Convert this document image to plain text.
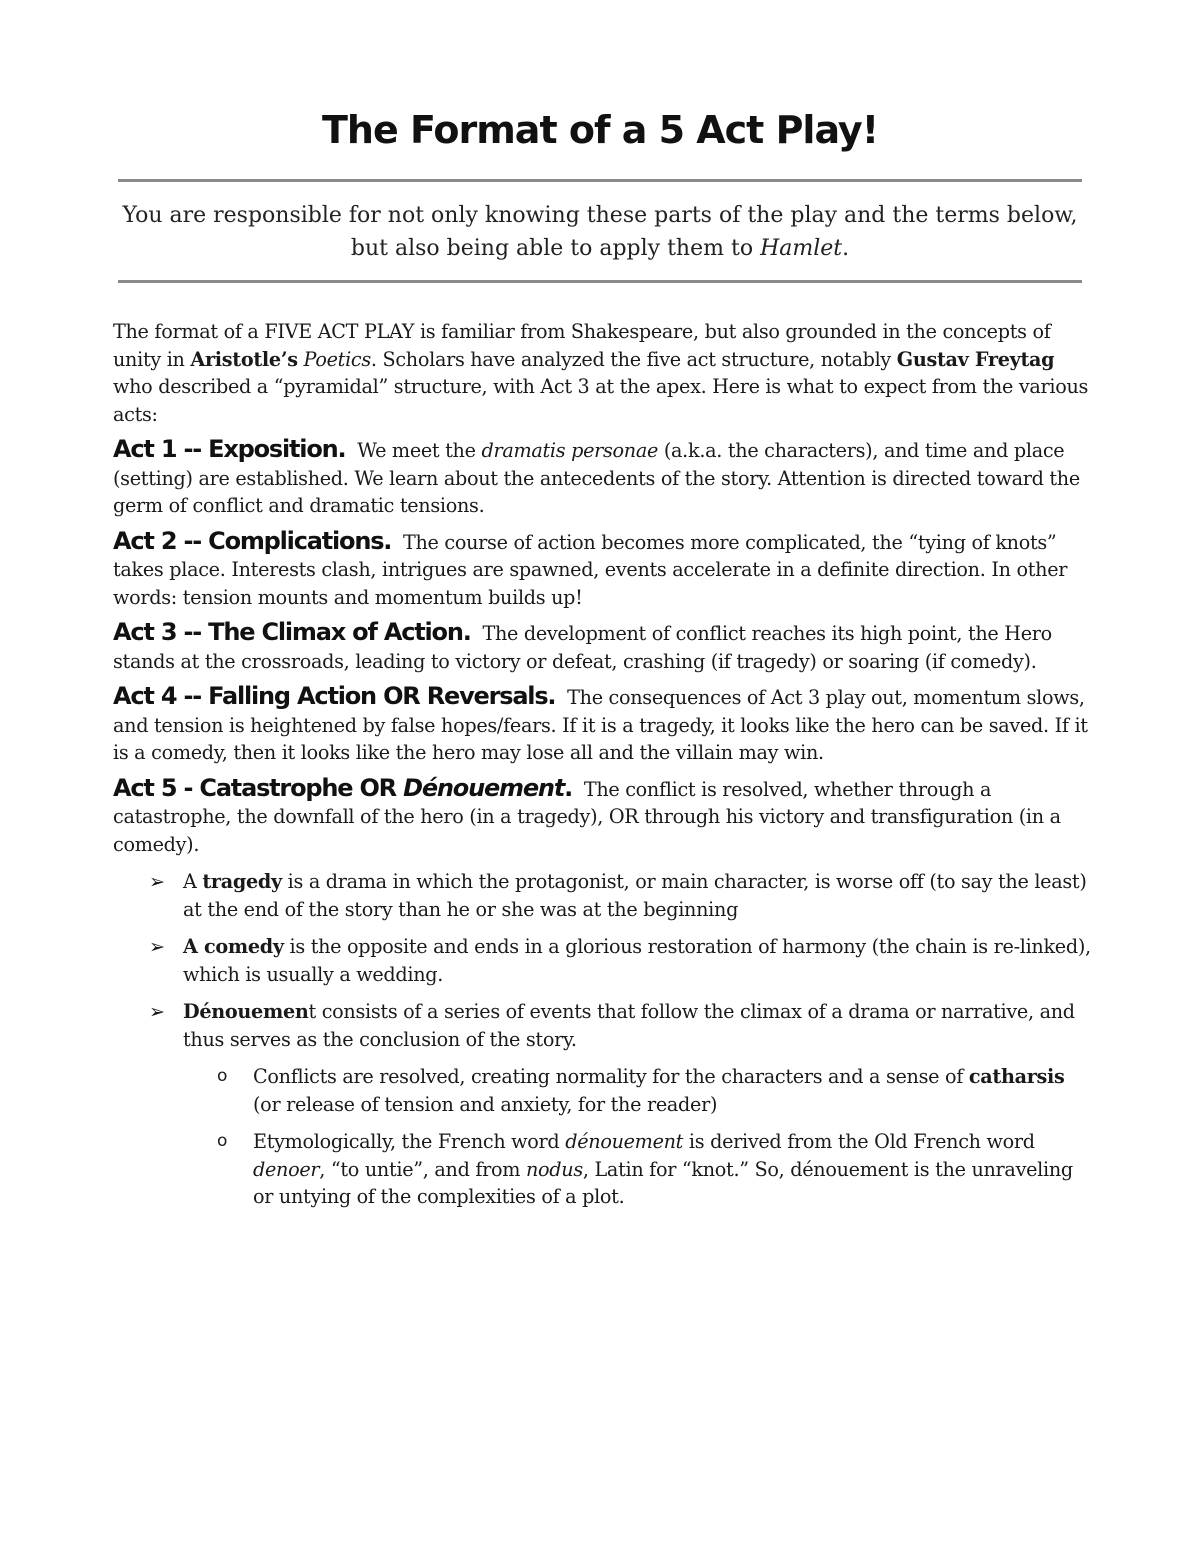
The Format of a 5 Act Play!
You are responsible for not only knowing these parts of the play and the terms below, but also being able to apply them to Hamlet.

The format of a FIVE ACT PLAY is familiar from Shakespeare, but also grounded in the concepts of unity in Aristotle’s Poetics. Scholars have analyzed the five act structure, notably Gustav Freytag who described a “pyramidal” structure, with Act 3 at the apex. Here is what to expect from the various acts:

Act 1 -- Exposition. We meet the dramatis personae (a.k.a. the characters), and time and place (setting) are established. We learn about the antecedents of the story. Attention is directed toward the germ of conflict and dramatic tensions.

Act 2 -- Complications. The course of action becomes more complicated, the “tying of knots” takes place. Interests clash, intrigues are spawned, events accelerate in a definite direction. In other words: tension mounts and momentum builds up!

Act 3 -- The Climax of Action. The development of conflict reaches its high point, the Hero stands at the crossroads, leading to victory or defeat, crashing (if tragedy) or soaring (if comedy).

Act 4 -- Falling Action OR Reversals. The consequences of Act 3 play out, momentum slows, and tension is heightened by false hopes/fears. If it is a tragedy, it looks like the hero can be saved. If it is a comedy, then it looks like the hero may lose all and the villain may win.

Act 5 - Catastrophe OR Dénouement. The conflict is resolved, whether through a catastrophe, the downfall of the hero (in a tragedy), OR through his victory and transfiguration (in a comedy).

➢ A tragedy is a drama in which the protagonist, or main character, is worse off (to say the least) at the end of the story than he or she was at the beginning
➢ A comedy is the opposite and ends in a glorious restoration of harmony (the chain is re-linked), which is usually a wedding.
➢ Dénouement consists of a series of events that follow the climax of a drama or narrative, and thus serves as the conclusion of the story.
o Conflicts are resolved, creating normality for the characters and a sense of catharsis (or release of tension and anxiety, for the reader)
o Etymologically, the French word dénouement is derived from the Old French word denoer, “to untie”, and from nodus, Latin for “knot.” So, dénouement is the unraveling or untying of the complexities of a plot.
